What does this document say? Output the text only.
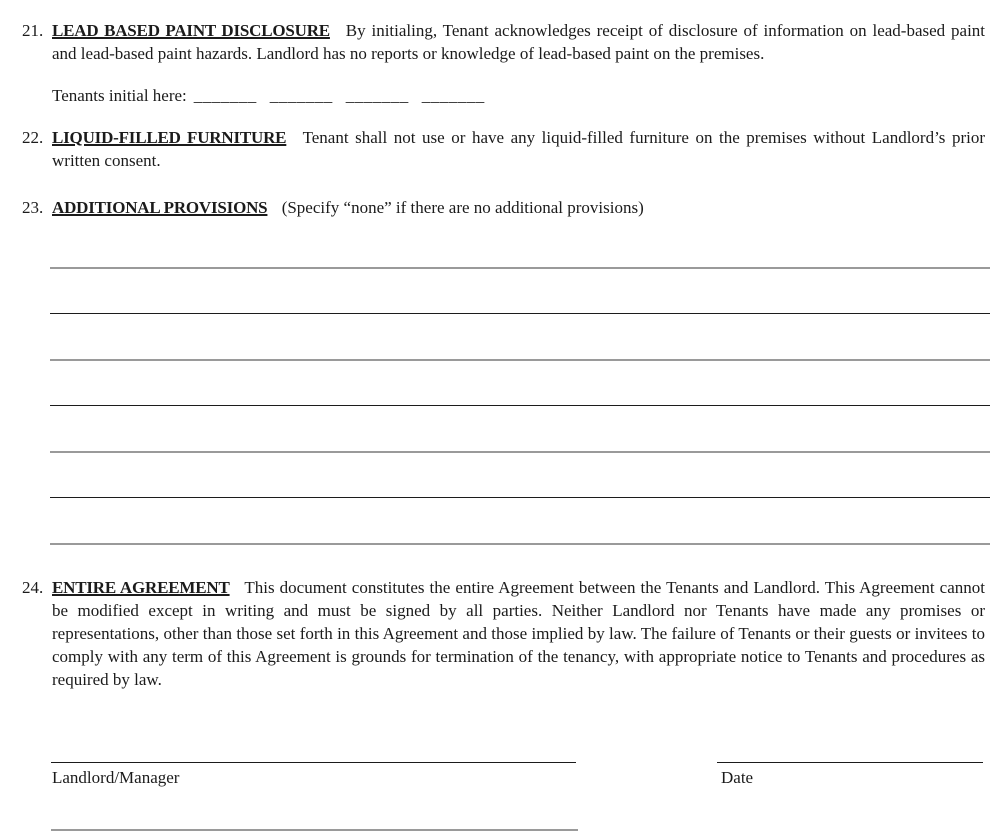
21. LEAD BASED PAINT DISCLOSURE By initialing, Tenant acknowledges receipt of disclosure of information on lead-based paint and lead-based paint hazards. Landlord has no reports or knowledge of lead-based paint on the premises.
Tenants initial here: _______ _______ _______ _______
22. LIQUID-FILLED FURNITURE Tenant shall not use or have any liquid-filled furniture on the premises without Landlord’s prior written consent.
23. ADDITIONAL PROVISIONS (Specify “none” if there are no additional provisions)
24. ENTIRE AGREEMENT This document constitutes the entire Agreement between the Tenants and Landlord. This Agreement cannot be modified except in writing and must be signed by all parties. Neither Landlord nor Tenants have made any promises or representations, other than those set forth in this Agreement and those implied by law. The failure of Tenants or their guests or invitees to comply with any term of this Agreement is grounds for termination of the tenancy, with appropriate notice to Tenants and procedures as required by law.
Landlord/Manager	Date
